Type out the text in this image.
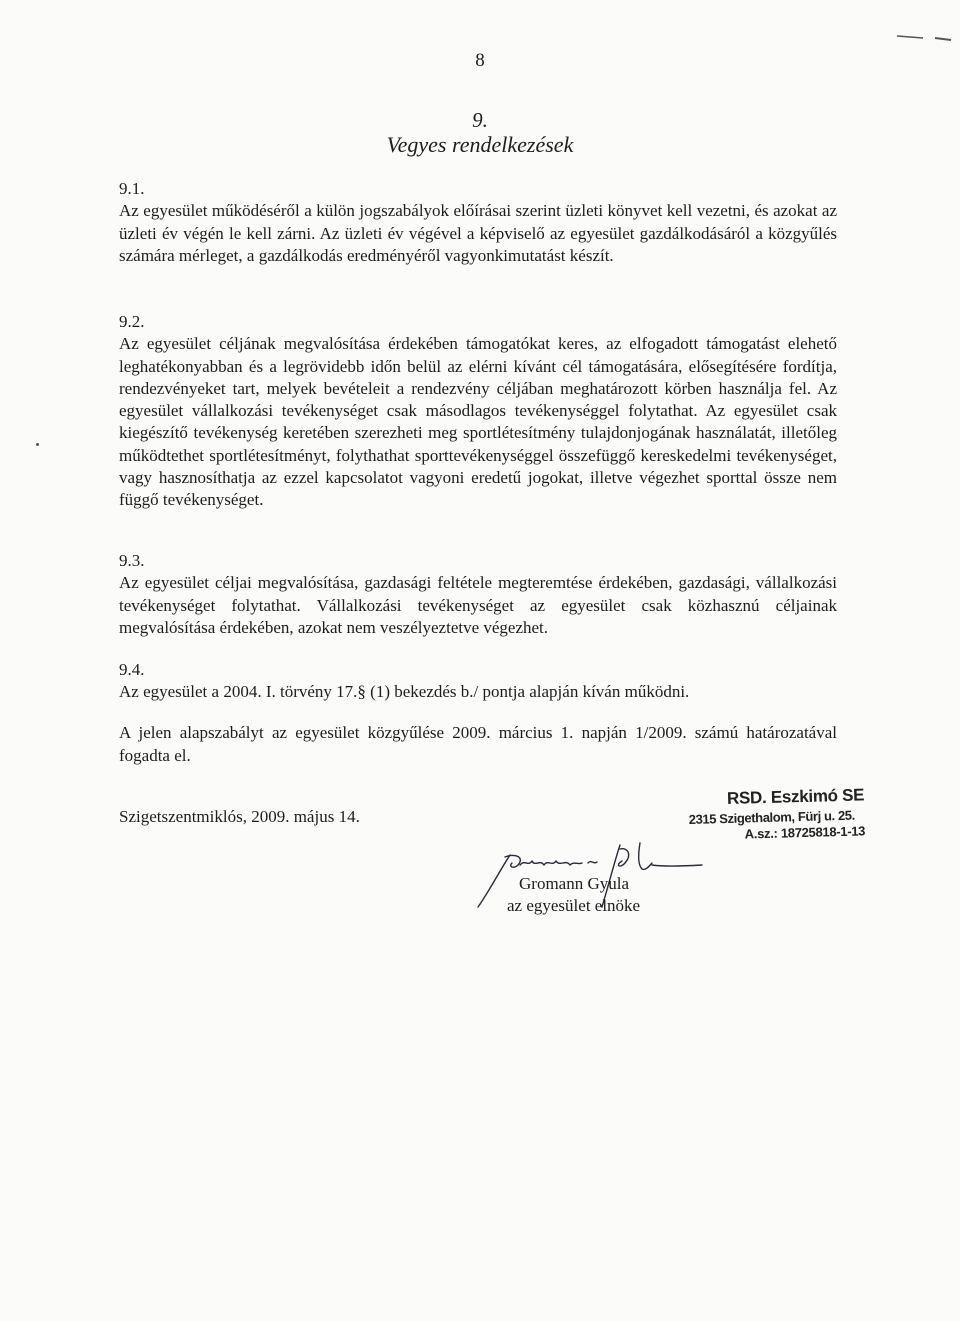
8
9.
Vegyes rendelkezések
9.1.
Az egyesület működéséről a külön jogszabályok előírásai szerint üzleti könyvet kell vezetni, és azokat az üzleti év végén le kell zárni. Az üzleti év végével a képviselő az egyesület gazdálkodásáról a közgyűlés számára mérleget, a gazdálkodás eredményéről vagyonkimutatást készít.
9.2.
Az egyesület céljának megvalósítása érdekében támogatókat keres, az elfogadott támogatást elehető leghatékonyabban és a legrövidebb időn belül az elérni kívánt cél támogatására, elősegítésére fordítja, rendezvényeket tart, melyek bevételeit a rendezvény céljában meghatározott körben használja fel. Az egyesület vállalkozási tevékenységet csak másodlagos tevékenységgel folytathat. Az egyesület csak kiegészítő tevékenység keretében szerezheti meg sportlétesítmény tulajdonjogának használatát, illetőleg működtethet sportlétesítményt, folythathat sporttevékenységgel összefüggő kereskedelmi tevékenységet, vagy hasznosíthatja az ezzel kapcsolatot vagyoni eredetű jogokat, illetve végezhet sporttal össze nem függő tevékenységet.
9.3.
Az egyesület céljai megvalósítása, gazdasági feltétele megteremtése érdekében, gazdasági, vállalkozási tevékenységet folytathat. Vállalkozási tevékenységet az egyesület csak közhasznú céljainak megvalósítása érdekében, azokat nem veszélyeztetve végezhet.
9.4.
Az egyesület a 2004. I. törvény 17.§ (1) bekezdés b./ pontja alapján kíván működni.
A jelen alapszabályt az egyesület közgyűlése 2009. március 1. napján 1/2009. számú határozatával fogadta el.
Szigetszentmiklós, 2009. május 14.
RSD. Eszkimó SE
2315 Szigethalom, Fürj u. 25.
A.sz.: 18725818-1-13
Gromann Gyula
az egyesület elnöke
